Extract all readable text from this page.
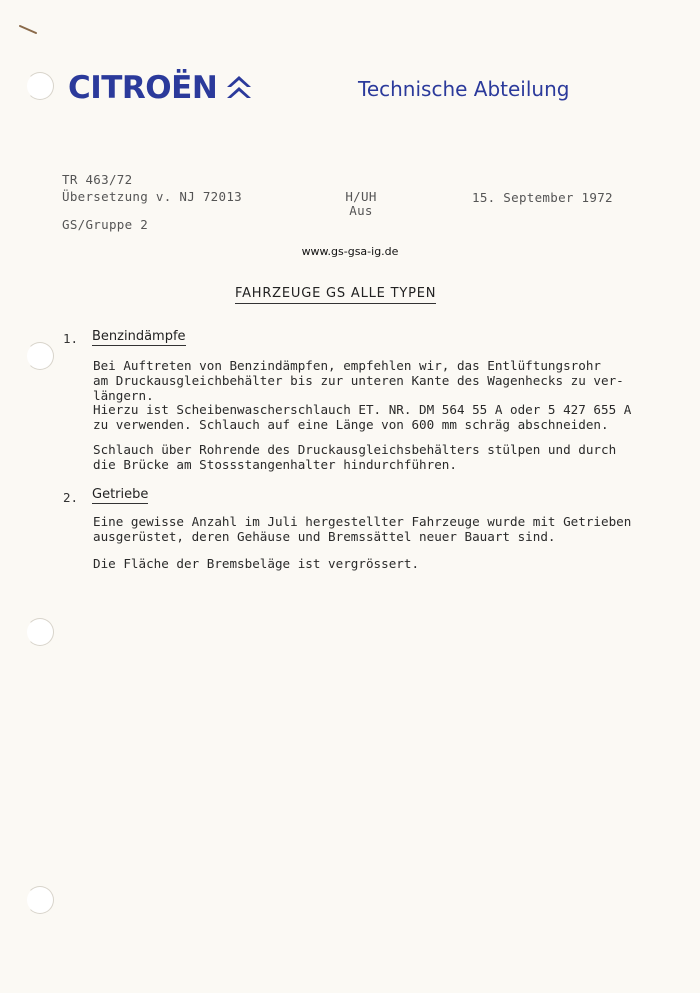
CITROËN	Technische Abteilung
TR 463/72
Übersetzung v. NJ 72013
GS/Gruppe 2
H/UH
Aus
15. September 1972
www.gs-gsa-ig.de
FAHRZEUGE GS ALLE TYPEN
1. Benzindämpfe

Bei Auftreten von Benzindämpfen, empfehlen wir, das Entlüftungsrohr
am Druckausgleichbehälter bis zur unteren Kante des Wagenhecks zu ver-
längern.
Hierzu ist Scheibenwascherschlauch ET. NR. DM 564 55 A oder 5 427 655 A
zu verwenden. Schlauch auf eine Länge von 600 mm schräg abschneiden.

Schlauch über Rohrende des Druckausgleichsbehälters stülpen und durch
die Brücke am Stossstangenhalter hindurchführen.

2. Getriebe

Eine gewisse Anzahl im Juli hergestellter Fahrzeuge wurde mit Getrieben
ausgerüstet, deren Gehäuse und Bremssättel neuer Bauart sind.

Die Fläche der Bremsbeläge ist vergrössert.
